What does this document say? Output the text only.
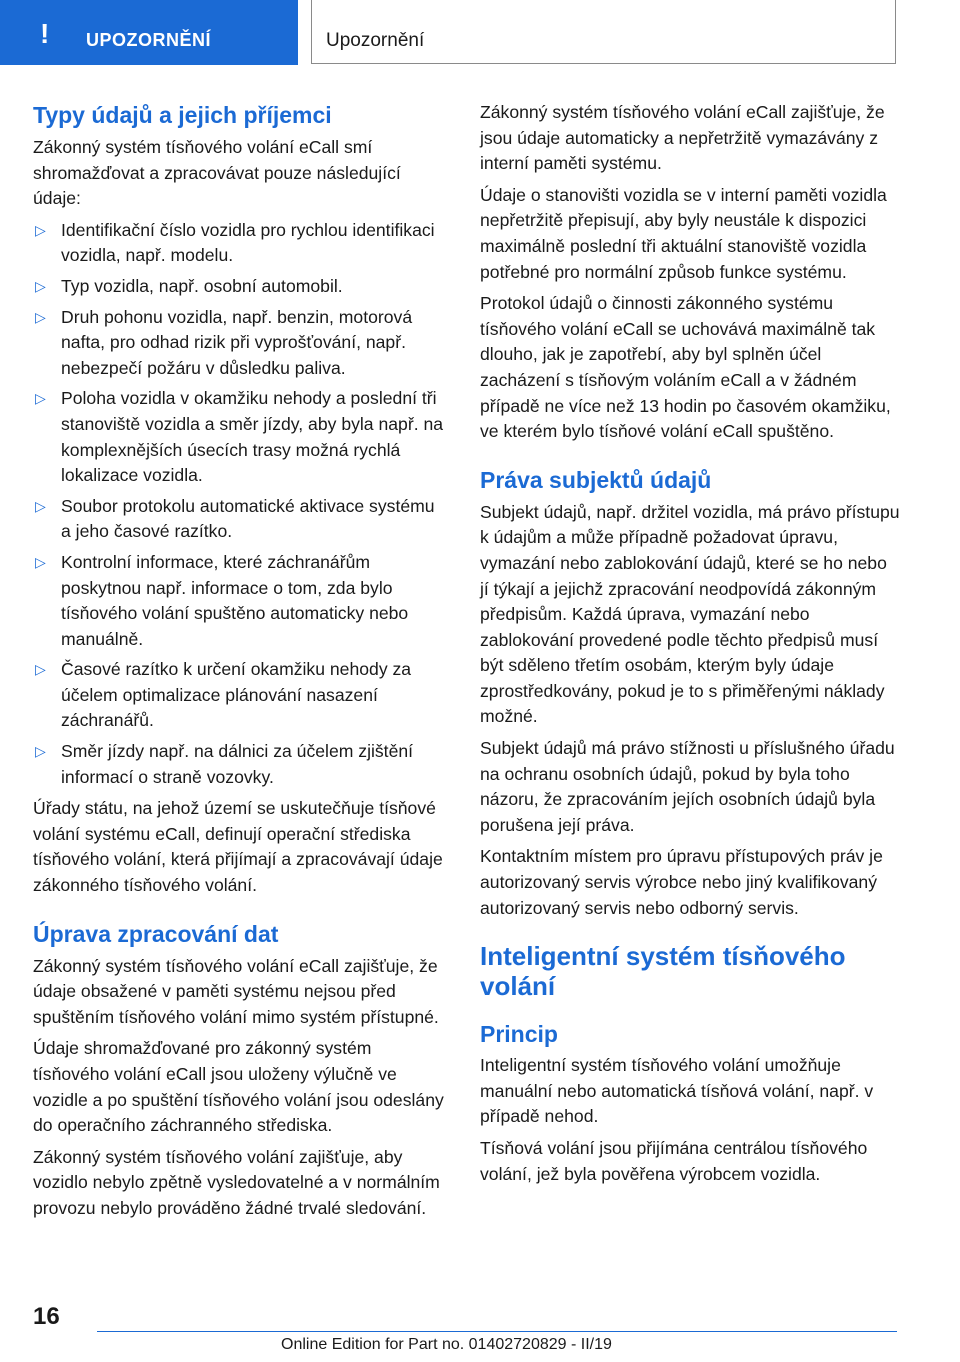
! UPOZORNĚNÍ	Upozornění
Typy údajů a jejich příjemci

Zákonný systém tísňového volání eCall smí shromažďovat a zpracovávat pouze následující údaje:

▷ Identifikační číslo vozidla pro rychlou identifikaci vozidla, např. modelu.
▷ Typ vozidla, např. osobní automobil.
▷ Druh pohonu vozidla, např. benzin, motorová nafta, pro odhad rizik při vyprošťování, např. nebezpečí požáru v důsledku paliva.
▷ Poloha vozidla v okamžiku nehody a poslední tři stanoviště vozidla a směr jízdy, aby byla např. na komplexnějších úsecích trasy možná rychlá lokalizace vozidla.
▷ Soubor protokolu automatické aktivace systému a jeho časové razítko.
▷ Kontrolní informace, které záchranářům poskytnou např. informace o tom, zda bylo tísňového volání spuštěno automaticky nebo manuálně.
▷ Časové razítko k určení okamžiku nehody za účelem optimalizace plánování nasazení záchranářů.
▷ Směr jízdy např. na dálnici za účelem zjištění informací o straně vozovky.

Úřady státu, na jehož území se uskutečňuje tísňové volání systému eCall, definují operační střediska tísňového volání, která přijímají a zpracovávají údaje zákonného tísňového volání.

Úprava zpracování dat

Zákonný systém tísňového volání eCall zajišťuje, že údaje obsažené v paměti systému nejsou před spuštěním tísňového volání mimo systém přístupné.

Údaje shromažďované pro zákonný systém tísňového volání eCall jsou uloženy výlučně ve vozidle a po spuštění tísňového volání jsou odeslány do operačního záchranného střediska.

Zákonný systém tísňového volání zajišťuje, aby vozidlo nebylo zpětně vysledovatelné a v normálním provozu nebylo prováděno žádné trvalé sledování.

Zákonný systém tísňového volání eCall zajišťuje, že jsou údaje automaticky a nepřetržitě vymazávány z interní paměti systému.

Údaje o stanovišti vozidla se v interní paměti vozidla nepřetržitě přepisují, aby byly neustále k dispozici maximálně poslední tři aktuální stanoviště vozidla potřebné pro normální způsob funkce systému.

Protokol údajů o činnosti zákonného systému tísňového volání eCall se uchovává maximálně tak dlouho, jak je zapotřebí, aby byl splněn účel zacházení s tísňovým voláním eCall a v žádném případě ne více než 13 hodin po časovém okamžiku, ve kterém bylo tísňové volání eCall spuštěno.

Práva subjektů údajů

Subjekt údajů, např. držitel vozidla, má právo přístupu k údajům a může případně požadovat úpravu, vymazání nebo zablokování údajů, které se ho nebo jí týkají a jejichž zpracování neodpovídá zákonným předpisům. Každá úprava, vymazání nebo zablokování provedené podle těchto předpisů musí být sděleno třetím osobám, kterým byly údaje zprostředkovány, pokud je to s přiměřenými náklady možné.

Subjekt údajů má právo stížnosti u příslušného úřadu na ochranu osobních údajů, pokud by byla toho názoru, že zpracováním jejích osobních údajů byla porušena její práva.

Kontaktním místem pro úpravu přístupových práv je autorizovaný servis výrobce nebo jiný kvalifikovaný autorizovaný servis nebo odborný servis.

Inteligentní systém tísňového volání
Princip

Inteligentní systém tísňového volání umožňuje manuální nebo automatická tísňová volání, např. v případě nehod.

Tísňová volání jsou přijímána centrálou tísňového volání, jež byla pověřena výrobcem vozidla.

16
Online Edition for Part no. 01402720829 - II/19
